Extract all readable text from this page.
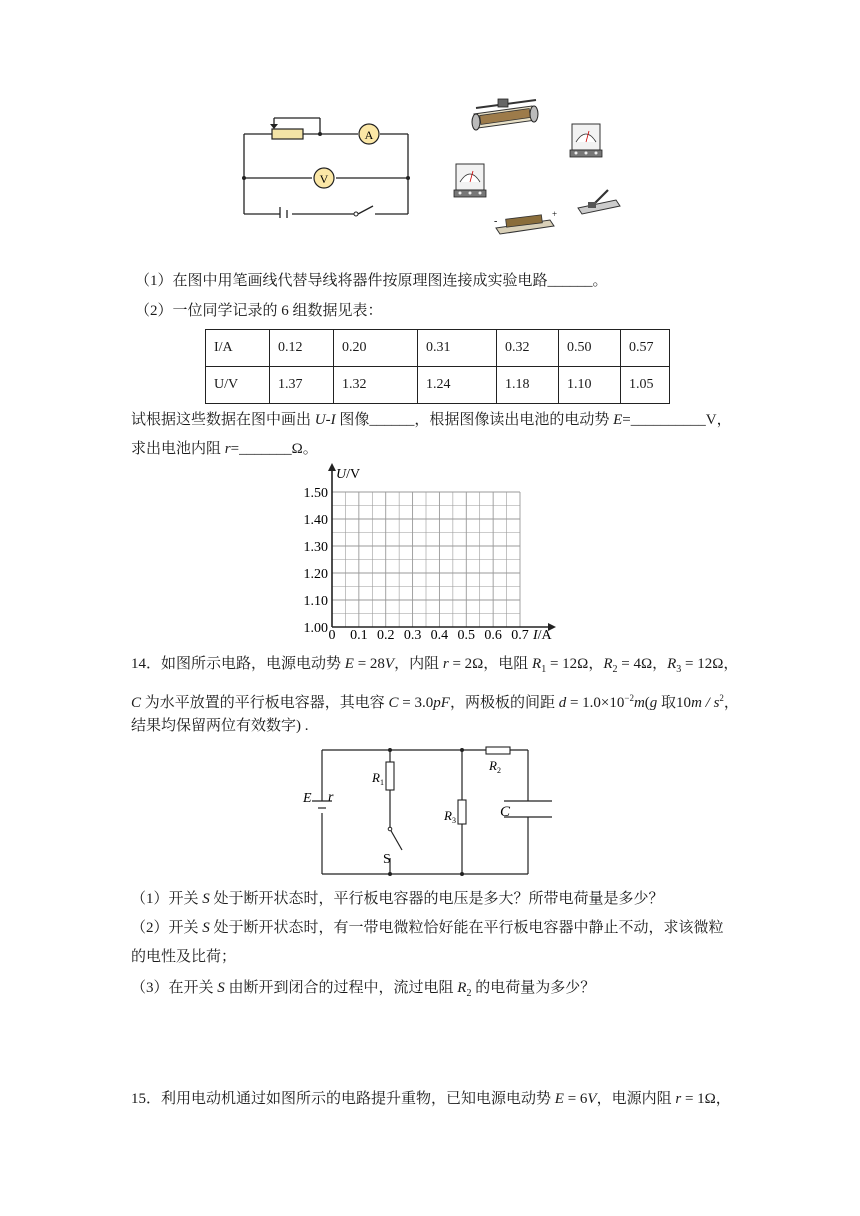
A
V
-
+
（1）在图中用笔画线代替导线将器件按原理图连接成实验电路______。
（2）一位同学记录的 6 组数据见表：
I/A	0.12	0.20	0.31	0.32	0.50	0.57
U/V	1.37	1.32	1.24	1.18	1.10	1.05
试根据这些数据在图中画出 U-I 图像______，根据图像读出电池的电动势 E=__________V，
求出电池内阻 r=_______Ω。
U/V
I/A
1.50
1.40
1.30
1.20
1.10
1.00 0 0.1 0.2 0.3 0.4 0.5 0.6 0.7
14．如图所示电路，电源电动势 E = 28V，内阻 r = 2Ω，电阻 $R_1 = 12\Omega$，$R_2 = 4\Omega$，$R_3 = 12\Omega$，
C 为水平放置的平行板电容器，其电容 C = 3.0pF，两极板的间距 $d = 1.0\times 10^{-2}m(g$ 取$10m / s^2$，
结果均保留两位有效数字) .
E r
$R_1$
$R_3$
$R_2$
C
S
（1）开关 S 处于断开状态时，平行板电容器的电压是多大？所带电荷量是多少？
（2）开关 S 处于断开状态时，有一带电微粒恰好能在平行板电容器中静止不动，求该微粒
的电性及比荷；
（3）在开关 S 由断开到闭合的过程中，流过电阻 $R_2$ 的电荷量为多少？
15．利用电动机通过如图所示的电路提升重物，已知电源电动势 E = 6V，电源内阻 r = 1Ω，
